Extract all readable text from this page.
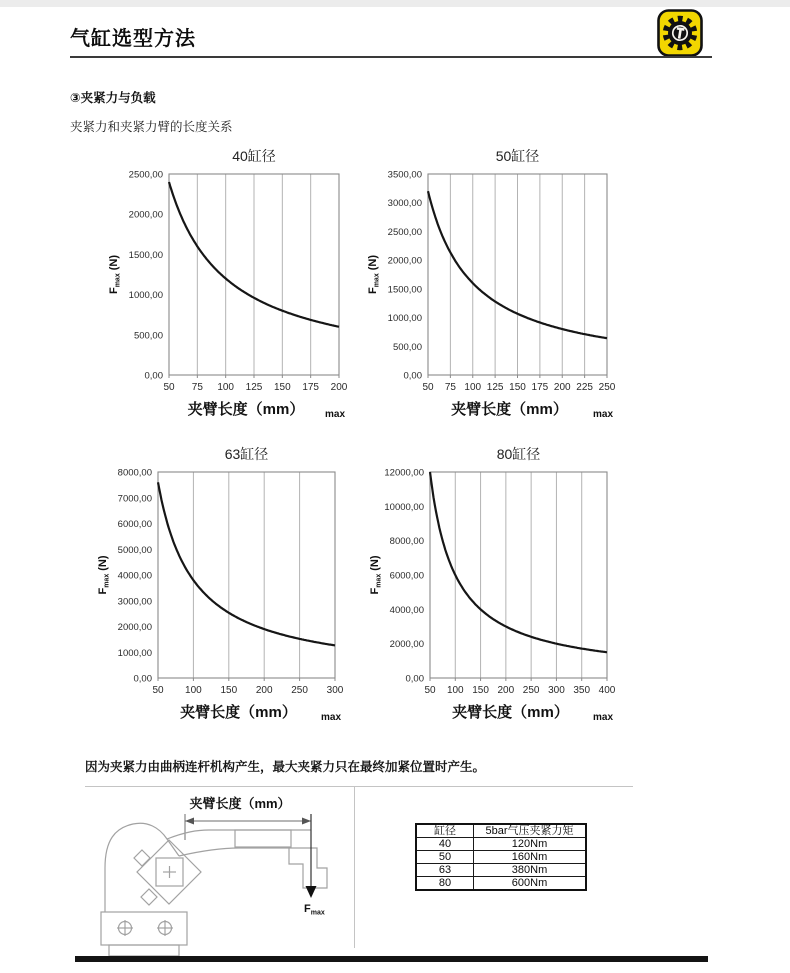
气缸选型方法
③夹紧力与负载
夹紧力和夹紧力臂的长度关系
0,00
500,00
1000,00
1500,00
2000,00
2500,00
50 75 100 125 150 175 200
40缸径
$F_{max}$ (N)
夹臂长度（mm） max
0,00
500,00
1000,00
1500,00
2000,00
2500,00
3000,00
3500,00
50 75 100 125 150 175 200 225 250
50缸径
$F_{max}$ (N)
夹臂长度（mm）	max
0,00
1000,00
2000,00
3000,00
4000,00
5000,00
6000,00
7000,00
8000,00
50 100 150 200 250 300
63缸径
$F_{max}$ (N)
夹臂长度（mm） max
0,00
2000,00
4000,00
6000,00
8000,00
10000,00
12000,00
50 100 150 200 250 300 350 400
80缸径
$F_{max}$ (N)
夹臂长度（mm） max
因为夹紧力由曲柄连杆机构产生，最大夹紧力只在最终加紧位置时产生。
夹臂长度（mm）
$F_{max}$
缸径	5bar气压夹紧力矩
40	120Nm
50	160Nm
63	380Nm
80	600Nm
